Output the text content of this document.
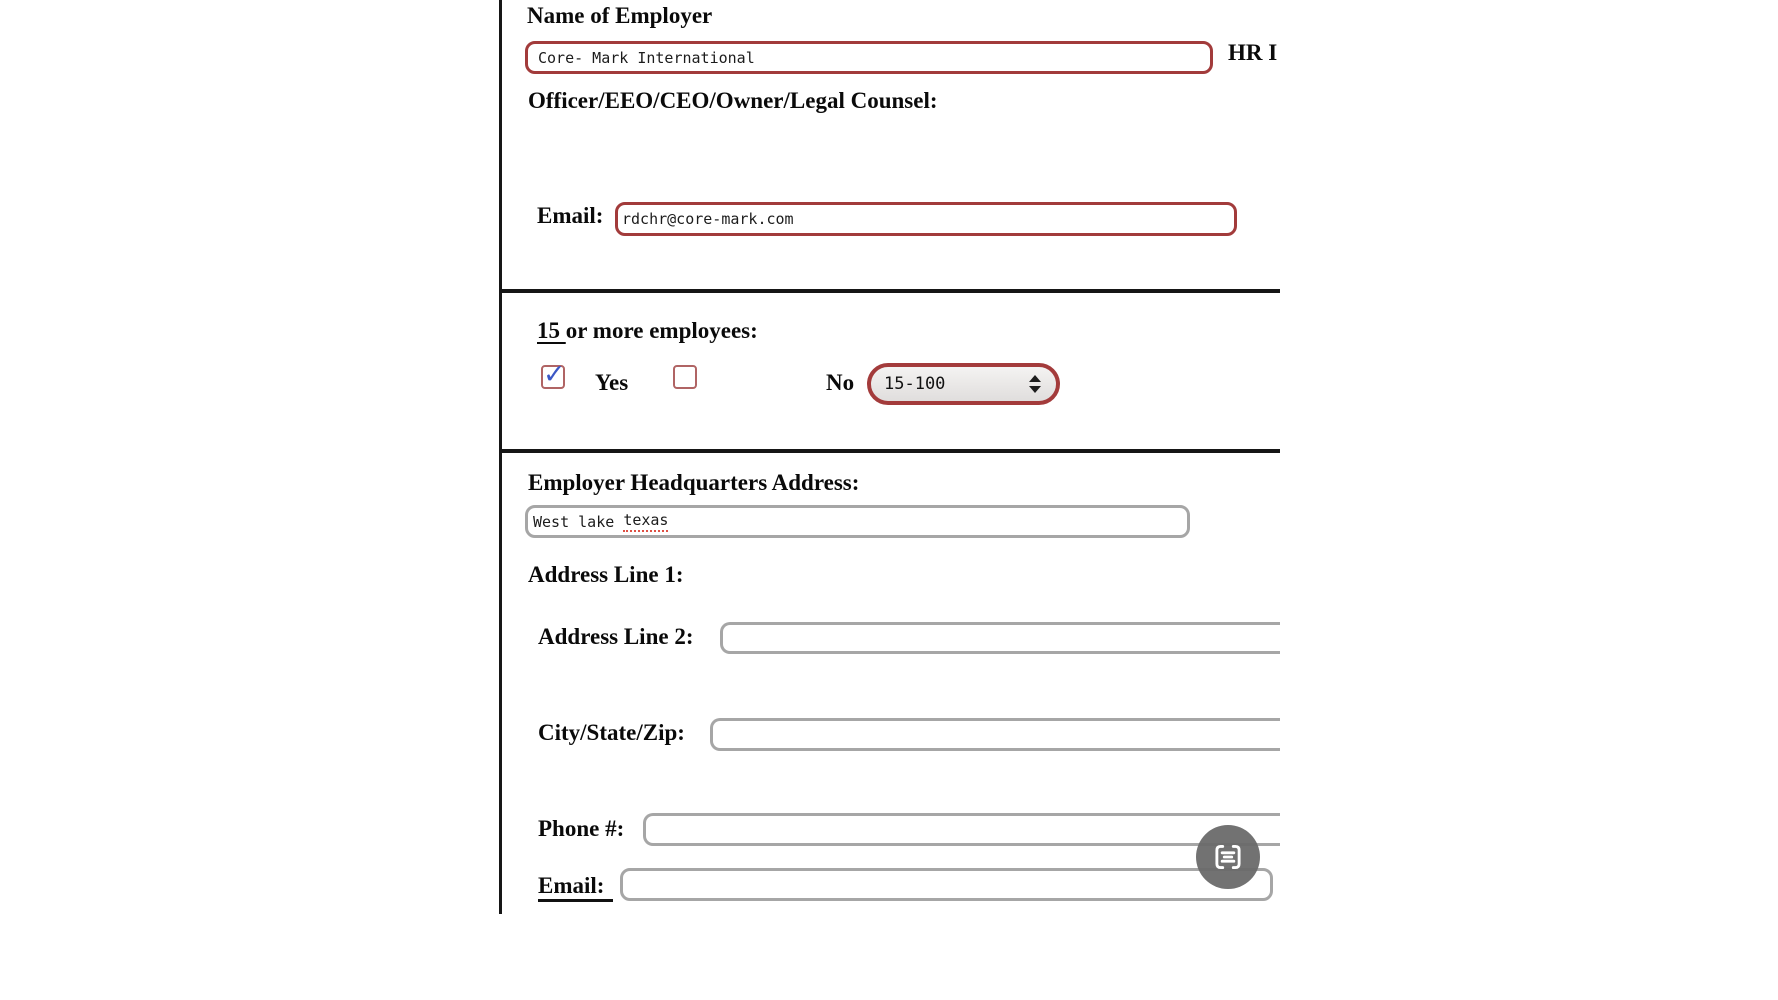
Name of Employer
Core- Mark International
HR I
Officer/EEO/CEO/Owner/Legal Counsel:
Email:
rdchr@core-mark.com
15 or more employees:
✓ Yes	No 15-100
Employer Headquarters Address:
West lake texas
Address Line 1:
Address Line 2:
City/State/Zip:
Phone #:
Email:
